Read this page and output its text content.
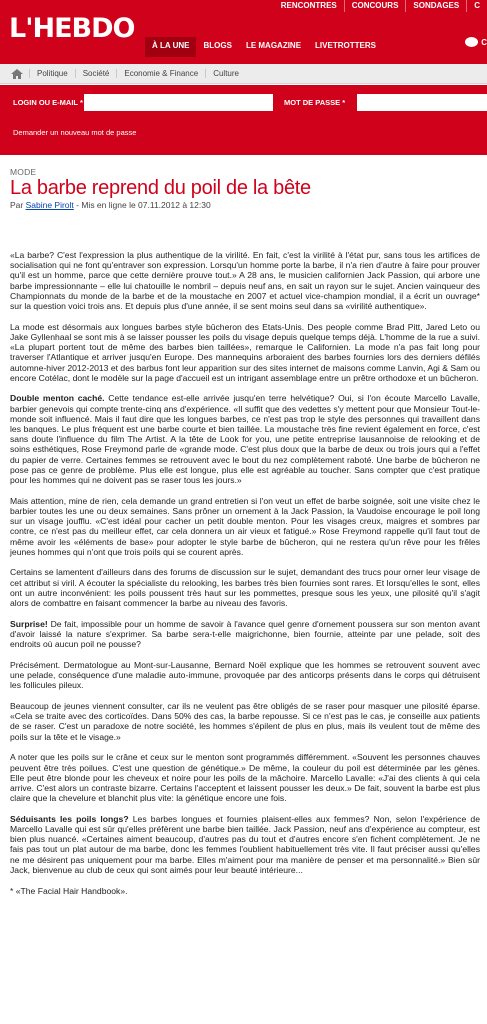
L'HEBDO
RENCONTRES	CONCOURS	SONDAGES	C
À LA UNE	BLOGS	LE MAGAZINE	LIVETROTTERS	C
Politique	Société	Economie & Finance	Culture
LOGIN OU E-MAIL *	MOT DE PASSE *
Demander un nouveau mot de passe
MODE
La barbe reprend du poil de la bête
Par Sabine Pirolt - Mis en ligne le 07.11.2012 à 12:30

«La barbe? C'est l'expression la plus authentique de la virilité. En fait, c'est la virilité à l'état pur, sans tous les artifices de socialisation qui ne font qu'entraver son expression. Lorsqu'un homme porte la barbe, il n'a rien d'autre à faire pour prouver qu'il est un homme, parce que cette dernière prouve tout.» A 28 ans, le musicien californien Jack Passion, qui arbore une barbe impressionnante – elle lui chatouille le nombril – depuis neuf ans, en sait un rayon sur le sujet. Ancien vainqueur des Championnats du monde de la barbe et de la moustache en 2007 et actuel vice-champion mondial, il a écrit un ouvrage* sur la question voici trois ans. Et depuis plus d'une année, il se sent moins seul dans sa «virilité authentique».

La mode est désormais aux longues barbes style bûcheron des Etats-Unis. Des people comme Brad Pitt, Jared Leto ou Jake Gyllenhaal se sont mis à se laisser pousser les poils du visage depuis quelque temps déjà. L'homme de la rue a suivi. «La plupart portent tout de même des barbes bien taillées», remarque le Californien. La mode n'a pas fait long pour traverser l'Atlantique et arriver jusqu'en Europe. Des mannequins arboraient des barbes fournies lors des derniers défilés automne-hiver 2012-2013 et des barbus font leur apparition sur des sites internet de maisons comme Lanvin, Agi & Sam ou encore Cotélac, dont le modèle sur la page d'accueil est un intrigant assemblage entre un prêtre orthodoxe et un bûcheron.

Double menton caché. Cette tendance est-elle arrivée jusqu'en terre helvétique? Oui, si l'on écoute Marcello Lavalle, barbier genevois qui compte trente-cinq ans d'expérience. «Il suffit que des vedettes s'y mettent pour que Monsieur Tout-le-monde soit influencé. Mais il faut dire que les longues barbes, ce n'est pas trop le style des personnes qui travaillent dans les banques. Le plus fréquent est une barbe courte et bien taillée. La moustache très fine revient également en force, c'est sans doute l'influence du film The Artist. A la tête de Look for you, une petite entreprise lausannoise de relooking et de soins esthétiques, Rose Freymond parle de «grande mode. C'est plus doux que la barbe de deux ou trois jours qui a l'effet du papier de verre. Certaines femmes se retrouvent avec le bout du nez complètement raboté. Une barbe de bûcheron ne pose pas ce genre de problème. Plus elle est longue, plus elle est agréable au toucher. Sans compter que c'est pratique pour les hommes qui ne doivent pas se raser tous les jours.»

Mais attention, mine de rien, cela demande un grand entretien si l'on veut un effet de barbe soignée, soit une visite chez le barbier toutes les une ou deux semaines. Sans prôner un ornement à la Jack Passion, la Vaudoise encourage le poil long sur un visage joufflu. «C'est idéal pour cacher un petit double menton. Pour les visages creux, maigres et sombres par contre, ce n'est pas du meilleur effet, car cela donnera un air vieux et fatigué.» Rose Freymond rappelle qu'il faut tout de même avoir les «éléments de base» pour adopter le style barbe de bûcheron, qui ne restera qu'un rêve pour les frêles jeunes hommes qui n'ont que trois poils qui se courent après.

Certains se lamentent d'ailleurs dans des forums de discussion sur le sujet, demandant des trucs pour orner leur visage de cet attribut si viril. A écouter la spécialiste du relooking, les barbes très bien fournies sont rares. Et lorsqu'elles le sont, elles ont un autre inconvénient: les poils poussent très haut sur les pommettes, presque sous les yeux, une pilosité qu'il s'agit alors de combattre en faisant commencer la barbe au niveau des favoris.

Surprise! De fait, impossible pour un homme de savoir à l'avance quel genre d'ornement poussera sur son menton avant d'avoir laissé la nature s'exprimer. Sa barbe sera-t-elle maigrichonne, bien fournie, atteinte par une pelade, soit des endroits où aucun poil ne pousse?

Précisément. Dermatologue au Mont-sur-Lausanne, Bernard Noël explique que les hommes se retrouvent souvent avec une pelade, conséquence d'une maladie auto-immune, provoquée par des anticorps présents dans le corps qui détruisent les follicules pileux.

Beaucoup de jeunes viennent consulter, car ils ne veulent pas être obligés de se raser pour masquer une pilosité éparse. «Cela se traite avec des corticoïdes. Dans 50% des cas, la barbe repousse. Si ce n'est pas le cas, je conseille aux patients de se raser. C'est un paradoxe de notre société, les hommes s'épilent de plus en plus, mais ils veulent tout de même des poils sur la tête et le visage.»

A noter que les poils sur le crâne et ceux sur le menton sont programmés différemment. «Souvent les personnes chauves peuvent être très poilues. C'est une question de génétique.» De même, la couleur du poil est déterminée par les gènes. Elle peut être blonde pour les cheveux et noire pour les poils de la mâchoire. Marcello Lavalle: «J'ai des clients à qui cela arrive. C'est alors un contraste bizarre. Certains l'acceptent et laissent pousser les deux.» De fait, souvent la barbe est plus claire que la chevelure et blanchit plus vite: la génétique encore une fois.

Séduisants les poils longs? Les barbes longues et fournies plaisent-elles aux femmes? Non, selon l'expérience de Marcello Lavalle qui est sûr qu'elles préfèrent une barbe bien taillée. Jack Passion, neuf ans d'expérience au compteur, est bien plus nuancé. «Certaines aiment beaucoup, d'autres pas du tout et d'autres encore s'en fichent complètement. Je ne fais pas tout un plat autour de ma barbe, donc les femmes l'oublient habituellement très vite. Il faut préciser aussi qu'elles ne me désirent pas uniquement pour ma barbe. Elles m'aiment pour ma manière de penser et ma personnalité.» Bien sûr Jack, bienvenue au club de ceux qui sont aimés pour leur beauté intérieure...

* «The Facial Hair Handbook».
